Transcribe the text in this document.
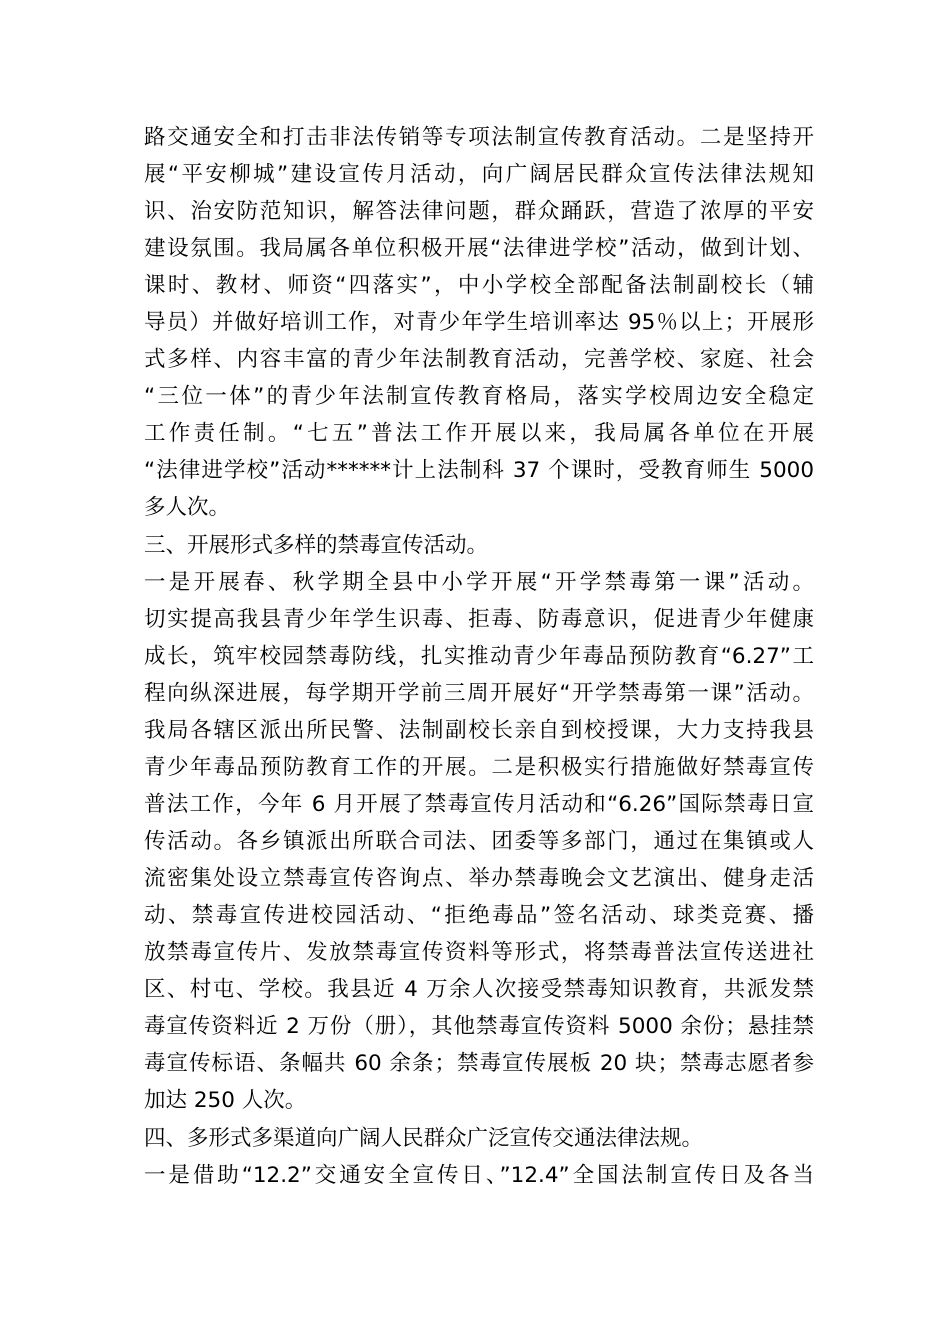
路交通安全和打击非法传销等专项法制宣传教育活动。二是坚持开
展“平安柳城”建设宣传月活动，向广阔居民群众宣传法律法规知
识、治安防范知识，解答法律问题，群众踊跃，营造了浓厚的平安
建设氛围。我局属各单位积极开展“法律进学校”活动，做到计划、
课时、教材、师资“四落实”，中小学校全部配备法制副校长（辅
导员）并做好培训工作，对青少年学生培训率达 95％以上；开展形
式多样、内容丰富的青少年法制教育活动，完善学校、家庭、社会
“三位一体”的青少年法制宣传教育格局，落实学校周边安全稳定
工作责任制。“七五”普法工作开展以来，我局属各单位在开展
“法律进学校”活动******计上法制科 37 个课时，受教育师生 5000
多人次。
三、开展形式多样的禁毒宣传活动。
一是开展春、秋学期全县中小学开展“开学禁毒第一课”活动。
切实提高我县青少年学生识毒、拒毒、防毒意识，促进青少年健康
成长，筑牢校园禁毒防线，扎实推动青少年毒品预防教育“6.27”工
程向纵深进展，每学期开学前三周开展好“开学禁毒第一课”活动。
我局各辖区派出所民警、法制副校长亲自到校授课，大力支持我县
青少年毒品预防教育工作的开展。二是积极实行措施做好禁毒宣传
普法工作，今年 6 月开展了禁毒宣传月活动和“6.26”国际禁毒日宣
传活动。各乡镇派出所联合司法、团委等多部门，通过在集镇或人
流密集处设立禁毒宣传咨询点、举办禁毒晚会文艺演出、健身走活
动、禁毒宣传进校园活动、“拒绝毒品”签名活动、球类竞赛、播
放禁毒宣传片、发放禁毒宣传资料等形式，将禁毒普法宣传送进社
区、村屯、学校。我县近 4 万余人次接受禁毒知识教育，共派发禁
毒宣传资料近 2 万份（册），其他禁毒宣传资料 5000 余份；悬挂禁
毒宣传标语、条幅共 60 余条；禁毒宣传展板 20 块；禁毒志愿者参
加达 250 人次。
四、多形式多渠道向广阔人民群众广泛宣传交通法律法规。
一是借助“12.2”交通安全宣传日、”12.4”全国法制宣传日及各当
